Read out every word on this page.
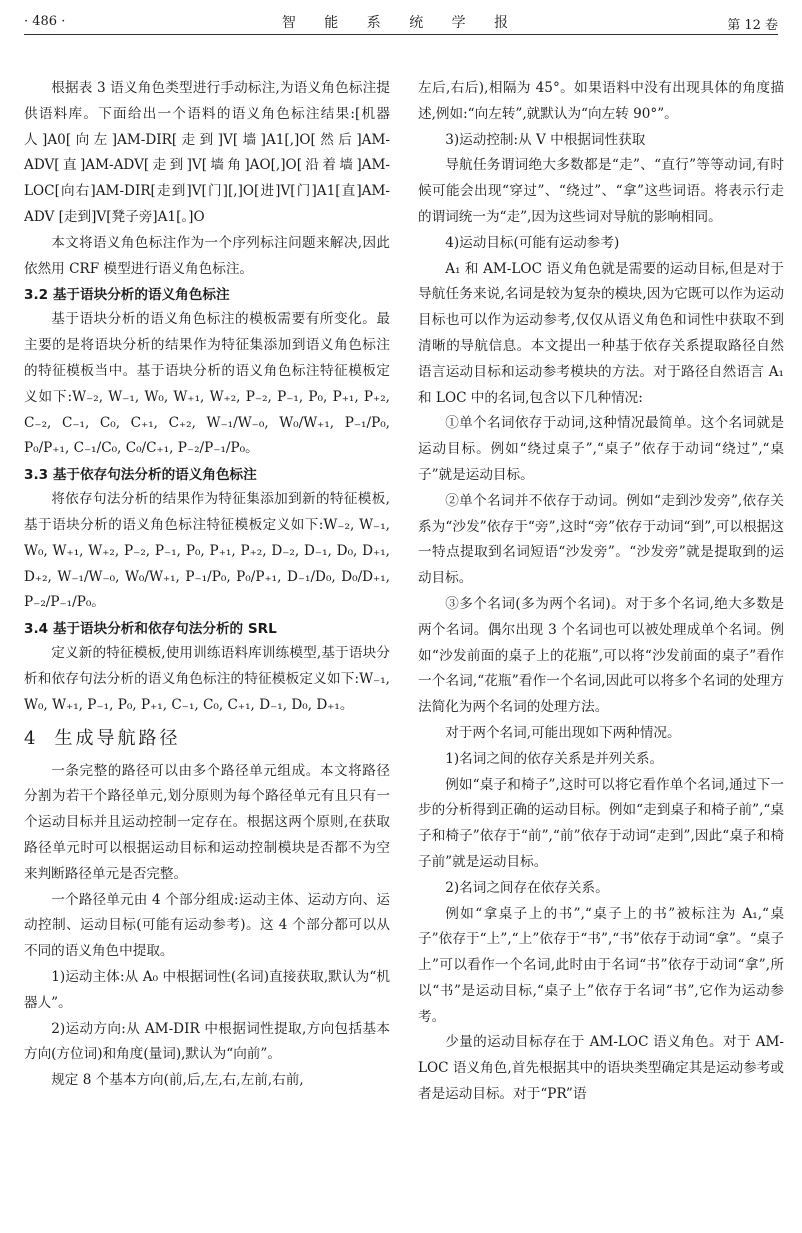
· 486 ·	智 能 系 统 学 报	第 12 卷

根据表 3 语义角色类型进行手动标注,为语义角色标注提供语料库。下面给出一个语料的语义角色标注结果:[机器人]A0[向左]AM-DIR[走到]V[墙]A1[,]O[然后]AM-ADV[直]AM-ADV[走到]V[墙角]AO[,]O[沿着墙]AM-LOC[向右]AM-DIR[走到]V[门][,]O[进]V[门]A1[直]AM-ADV [走到]V[凳子旁]A1[。]O

本文将语义角色标注作为一个序列标注问题来解决,因此依然用 CRF 模型进行语义角色标注。

3.2 基于语块分析的语义角色标注

基于语块分析的语义角色标注的模板需要有所变化。最主要的是将语块分析的结果作为特征集添加到语义角色标注的特征模板当中。基于语块分析的语义角色标注特征模板定义如下:W₋₂, W₋₁, W₀, W₊₁, W₊₂, P₋₂, P₋₁, P₀, P₊₁, P₊₂, C₋₂, C₋₁, C₀, C₊₁, C₊₂, W₋₁/W₋₀, W₀/W₊₁, P₋₁/P₀, P₀/P₊₁, C₋₁/C₀, C₀/C₊₁, P₋₂/P₋₁/P₀。

3.3 基于依存句法分析的语义角色标注

将依存句法分析的结果作为特征集添加到新的特征模板,基于语块分析的语义角色标注特征模板定义如下:W₋₂, W₋₁, W₀, W₊₁, W₊₂, P₋₂, P₋₁, P₀, P₊₁, P₊₂, D₋₂, D₋₁, D₀, D₊₁, D₊₂, W₋₁/W₋₀, W₀/W₊₁, P₋₁/P₀, P₀/P₊₁, D₋₁/D₀, D₀/D₊₁, P₋₂/P₋₁/P₀。

3.4 基于语块分析和依存句法分析的 SRL

定义新的特征模板,使用训练语料库训练模型,基于语块分析和依存句法分析的语义角色标注的特征模板定义如下:W₋₁, W₀, W₊₁, P₋₁, P₀, P₊₁, C₋₁, C₀, C₊₁, D₋₁, D₀, D₊₁。

4 生成导航路径

一条完整的路径可以由多个路径单元组成。本文将路径分割为若干个路径单元,划分原则为每个路径单元有且只有一个运动目标并且运动控制一定存在。根据这两个原则,在获取路径单元时可以根据运动目标和运动控制模块是否都不为空来判断路径单元是否完整。

一个路径单元由 4 个部分组成:运动主体、运动方向、运动控制、运动目标(可能有运动参考)。这 4 个部分都可以从不同的语义角色中提取。

1)运动主体:从 A₀ 中根据词性(名词)直接获取,默认为“机器人”。

2)运动方向:从 AM-DIR 中根据词性提取,方向包括基本方向(方位词)和角度(量词),默认为“向前”。

规定 8 个基本方向(前,后,左,右,左前,右前,

左后,右后),相隔为 45°。如果语料中没有出现具体的角度描述,例如:“向左转”,就默认为“向左转 90°”。

3)运动控制:从 V 中根据词性获取

导航任务谓词绝大多数都是“走”、“直行”等等动词,有时候可能会出现“穿过”、“绕过”、“拿”这些词语。将表示行走的谓词统一为“走”,因为这些词对导航的影响相同。

4)运动目标(可能有运动参考)

A₁ 和 AM-LOC 语义角色就是需要的运动目标,但是对于导航任务来说,名词是较为复杂的模块,因为它既可以作为运动目标也可以作为运动参考,仅仅从语义角色和词性中获取不到清晰的导航信息。本文提出一种基于依存关系提取路径自然语言运动目标和运动参考模块的方法。对于路径自然语言 A₁ 和 LOC 中的名词,包含以下几种情况:

①单个名词依存于动词,这种情况最简单。这个名词就是运动目标。例如“绕过桌子”,“桌子”依存于动词“绕过”,“桌子”就是运动目标。

②单个名词并不依存于动词。例如“走到沙发旁”,依存关系为“沙发”依存于“旁”,这时“旁”依存于动词“到”,可以根据这一特点提取到名词短语“沙发旁”。“沙发旁”就是提取到的运动目标。

③多个名词(多为两个名词)。对于多个名词,绝大多数是两个名词。偶尔出现 3 个名词也可以被处理成单个名词。例如“沙发前面的桌子上的花瓶”,可以将“沙发前面的桌子”看作一个名词,“花瓶”看作一个名词,因此可以将多个名词的处理方法简化为两个名词的处理方法。

对于两个名词,可能出现如下两种情况。

1)名词之间的依存关系是并列关系。

例如“桌子和椅子”,这时可以将它看作单个名词,通过下一步的分析得到正确的运动目标。例如“走到桌子和椅子前”,“桌子和椅子”依存于“前”,“前”依存于动词“走到”,因此“桌子和椅子前”就是运动目标。

2)名词之间存在依存关系。

例如“拿桌子上的书”,“桌子上的书”被标注为 A₁,“桌子”依存于“上”,“上”依存于“书”,“书”依存于动词“拿”。“桌子上”可以看作一个名词,此时由于名词“书”依存于动词“拿”,所以“书”是运动目标,“桌子上”依存于名词“书”,它作为运动参考。

少量的运动目标存在于 AM-LOC 语义角色。对于 AM-LOC 语义角色,首先根据其中的语块类型确定其是运动参考或者是运动目标。对于“PR”语
